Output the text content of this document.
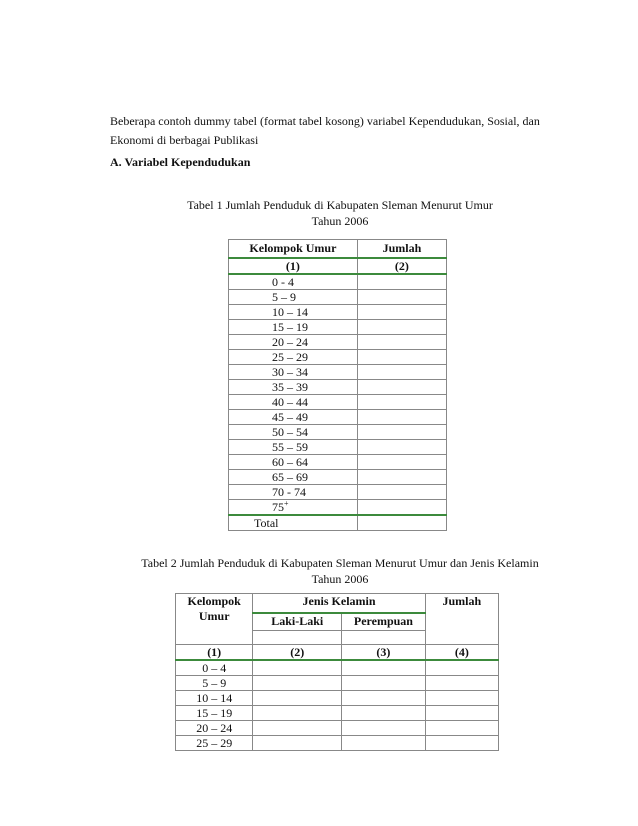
Beberapa contoh dummy tabel (format tabel kosong) variabel Kependudukan, Sosial, dan Ekonomi di berbagai Publikasi
A. Variabel Kependudukan
Tabel 1 Jumlah Penduduk di Kabupaten Sleman Menurut Umur
Tahun 2006
Kelompok Umur	Jumlah
(1)	(2)
0 - 4	
5 – 9	
10 – 14	
15 – 19	
20 – 24	
25 – 29	
30 – 34	
35 – 39	
40 – 44	
45 – 49	
50 – 54	
55 – 59	
60 – 64	
65 – 69	
70 - 74	
75+	
Total	
Tabel 2 Jumlah Penduduk di Kabupaten Sleman Menurut Umur dan Jenis Kelamin
Tahun 2006
Kelompok
Umur	Jenis Kelamin		Jumlah
	Laki-Laki	Perempuan	

(1)	(2)	(3)	(4)
0 – 4			
5 – 9			
10 – 14			
15 – 19			
20 – 24			
25 – 29			
